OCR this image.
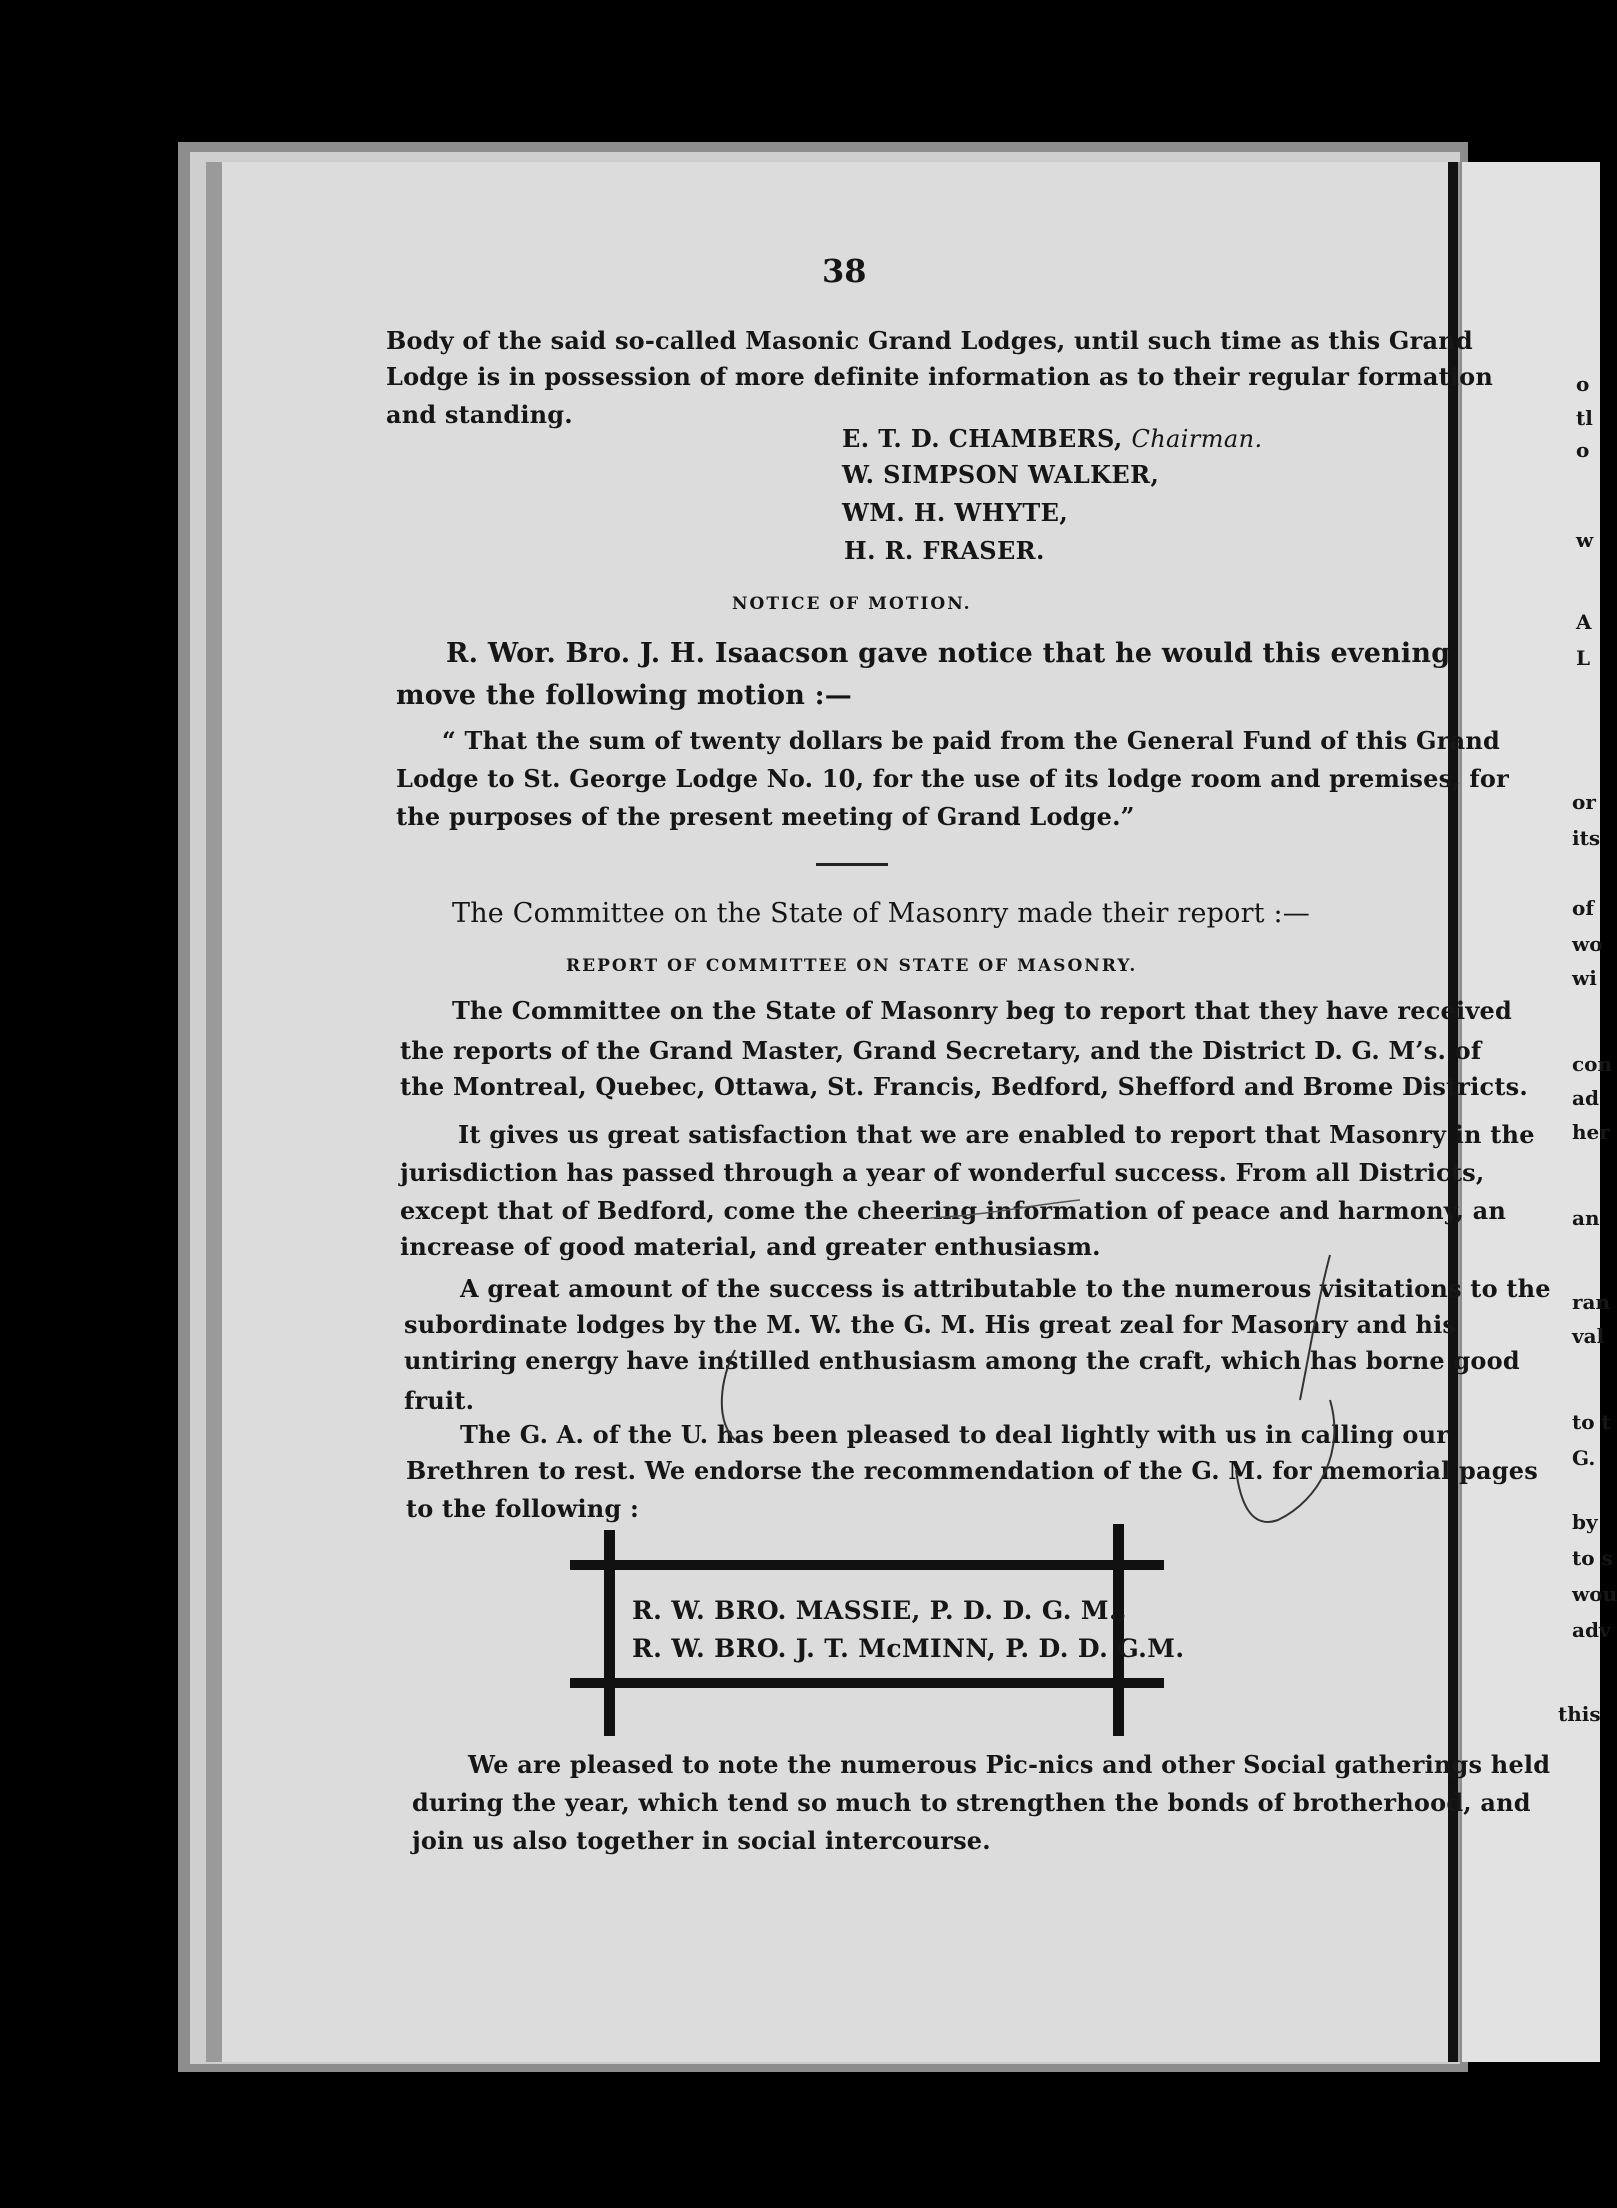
o
tl
o
w
A
L
or
its
of
wo
wi
con
ad
her
an
ran
val
to t
G.
by
to s
wou
adv
this
38
Body of the said so-called Masonic Grand Lodges, until such time as this Grand
Lodge is in possession of more definite information as to their regular formation
and standing.
E. T. D. CHAMBERS, Chairman.
W. SIMPSON WALKER,
WM. H. WHYTE,
H. R. FRASER.
NOTICE OF MOTION.
R. Wor. Bro. J. H. Isaacson gave notice that he would this evening
move the following motion :—
“ That the sum of twenty dollars be paid from the General Fund of this Grand
Lodge to St. George Lodge No. 10, for the use of its lodge room and premises, for
the purposes of the present meeting of Grand Lodge.”
The Committee on the State of Masonry made their report :—
REPORT OF COMMITTEE ON STATE OF MASONRY.
The Committee on the State of Masonry beg to report that they have received
the reports of the Grand Master, Grand Secretary, and the District D. G. M’s. of
the Montreal, Quebec, Ottawa, St. Francis, Bedford, Shefford and Brome Districts.
It gives us great satisfaction that we are enabled to report that Masonry in the
jurisdiction has passed through a year of wonderful success. From all Districts,
except that of Bedford, come the cheering information of peace and harmony, an
increase of good material, and greater enthusiasm.
A great amount of the success is attributable to the numerous visitations to the
subordinate lodges by the M. W. the G. M. His great zeal for Masonry and his
untiring energy have instilled enthusiasm among the craft, which has borne good
fruit.
The G. A. of the U. has been pleased to deal lightly with us in calling our
Brethren to rest. We endorse the recommendation of the G. M. for memorial pages
to the following :
R. W. BRO. MASSIE, P. D. D. G. M.,
R. W. BRO. J. T. McMINN, P. D. D. G.M.
We are pleased to note the numerous Pic-nics and other Social gatherings held
during the year, which tend so much to strengthen the bonds of brotherhood, and
join us also together in social intercourse.
